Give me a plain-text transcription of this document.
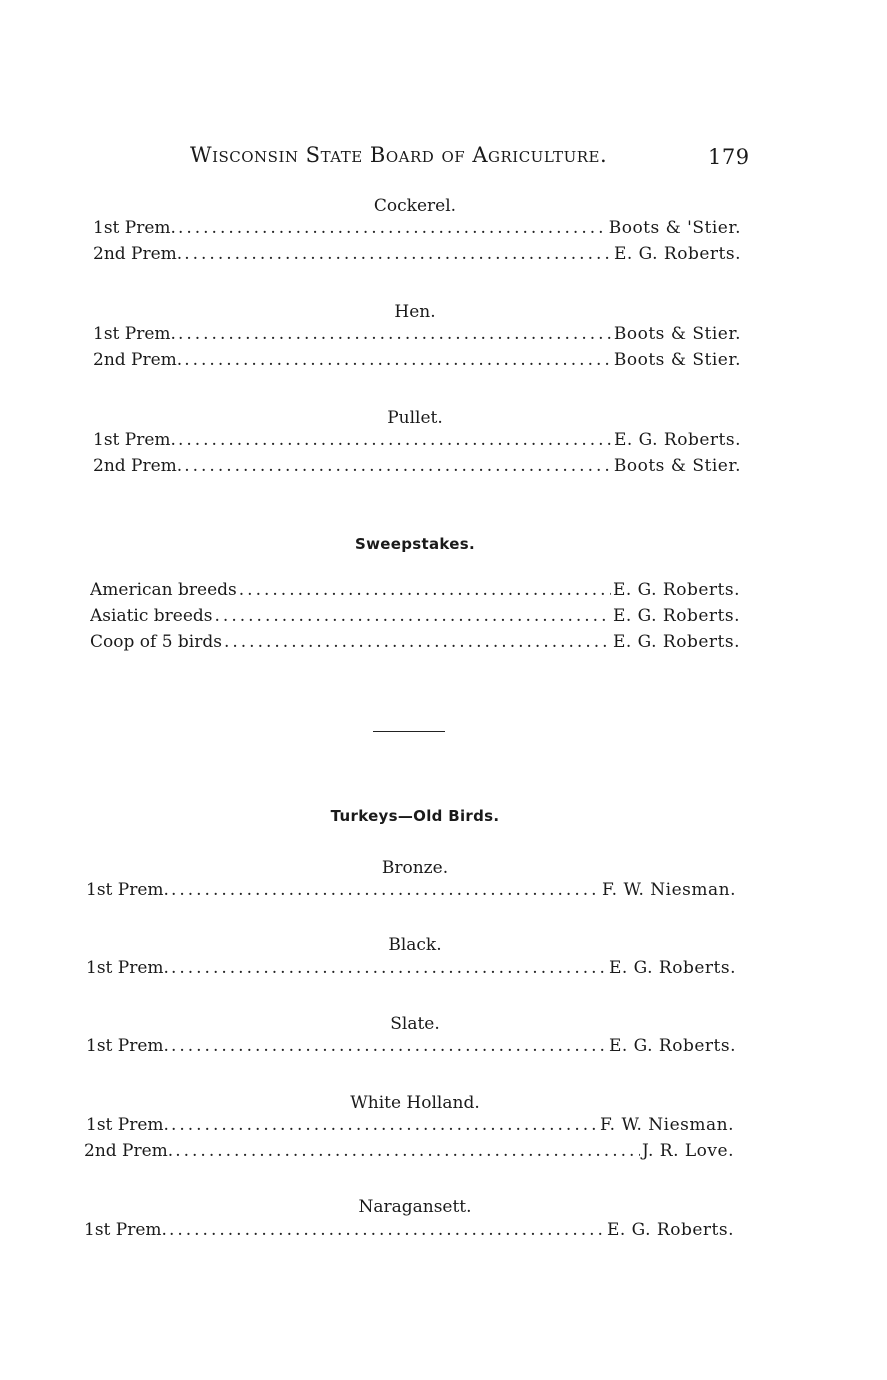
Wisconsin State Board of Agriculture.	179
Cockerel.
1st Prem. .....	Boots & 'Stier.
2nd Prem. .....	E. G. Roberts.
Hen.
1st Prem. .....	Boots & Stier.
2nd Prem. .....	Boots & Stier.
Pullet.
1st Prem. .....	E. G. Roberts.
2nd Prem. .....	Boots & Stier.
Sweepstakes.
American breeds .....	E. G. Roberts.
Asiatic breeds .....	E. G. Roberts.
Coop of 5 birds .....	E. G. Roberts.
Turkeys—Old Birds.
Bronze.
1st Prem. .....	F. W. Niesman.
Black.
1st Prem. .....	E. G. Roberts.
Slate.
1st Prem. .....	E. G. Roberts.
White Holland.
1st Prem. .....	F. W. Niesman.
2nd Prem. .....	J. R. Love.
Naragansett.
1st Prem. .....	E. G. Roberts.
